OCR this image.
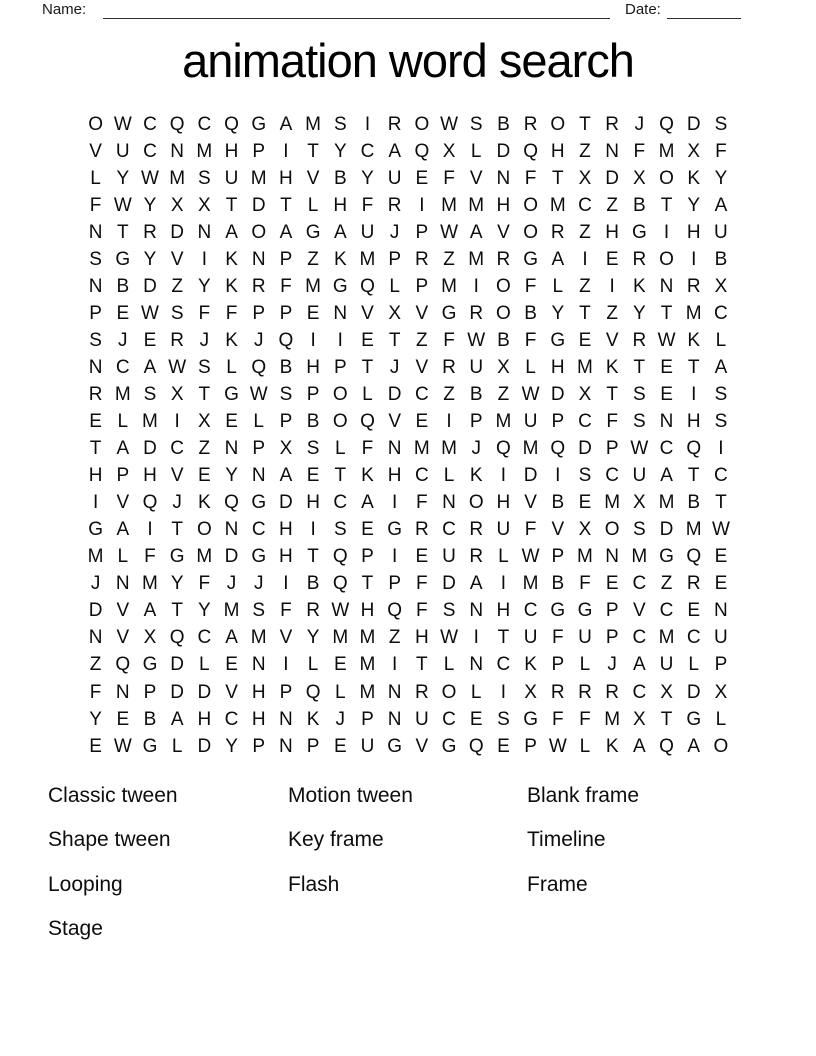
Name:	Date:
animation word search
O W C Q C Q G A M S I R O W S B R O T R J Q D S
V U C N M H P I T Y C A Q X L D Q H Z N F M X F
L Y W M S U M H V B Y U E F V N F T X D X O K Y
F W Y X X T D T L H F R I M M H O M C Z B T Y A
N T R D N A O A G A U J P W A V O R Z H G I H U
S G Y V I K N P Z K M P R Z M R G A I E R O I B
N B D Z Y K R F M G Q L P M I O F L Z I K N R X
P E W S F F P P E N V X V G R O B Y T Z Y T M C
S J E R J K J Q I	I E T Z F W B F G E V R W K L
N C A W S L Q B H P T J V R U X L H M K T E T A
R M S X T G W S P O L D C Z B Z W D X T S E I S
E L M I X E L P B O Q V E I P M U P C F S N H S
T A D C Z N P X S L F N M M J Q M Q D P W C Q I
H P H V E Y N A E T K H C L K I D I S C U A T C
I V Q J K Q G D H C A I F N O H V B E M X M B T
G A I T O N C H I S E G R C R U F V X O S D M W
M L F G M D G H T Q P I E U R L W P M N M G Q E
J N M Y F J J	I B Q T P F D A I M B F E C Z R E
D V A T Y M S F R W H Q F S N H C G G P V C E N
N V X Q C A M V Y M M Z H W I T U F U P C M C U
Z Q G D L E N I	L E M I T L N C K P L J A U L P
F N P D D V H P Q L M N R O L	I X R R R C X D X
Y E B A H C H N K J P N U C E S G F F M X T G L
E W G L D Y P N P E U G V G Q E P W L K A Q A O
Classic tween
Shape tween
Looping
Stage
Motion tween
Key frame
Flash
Blank frame
Timeline
Frame
